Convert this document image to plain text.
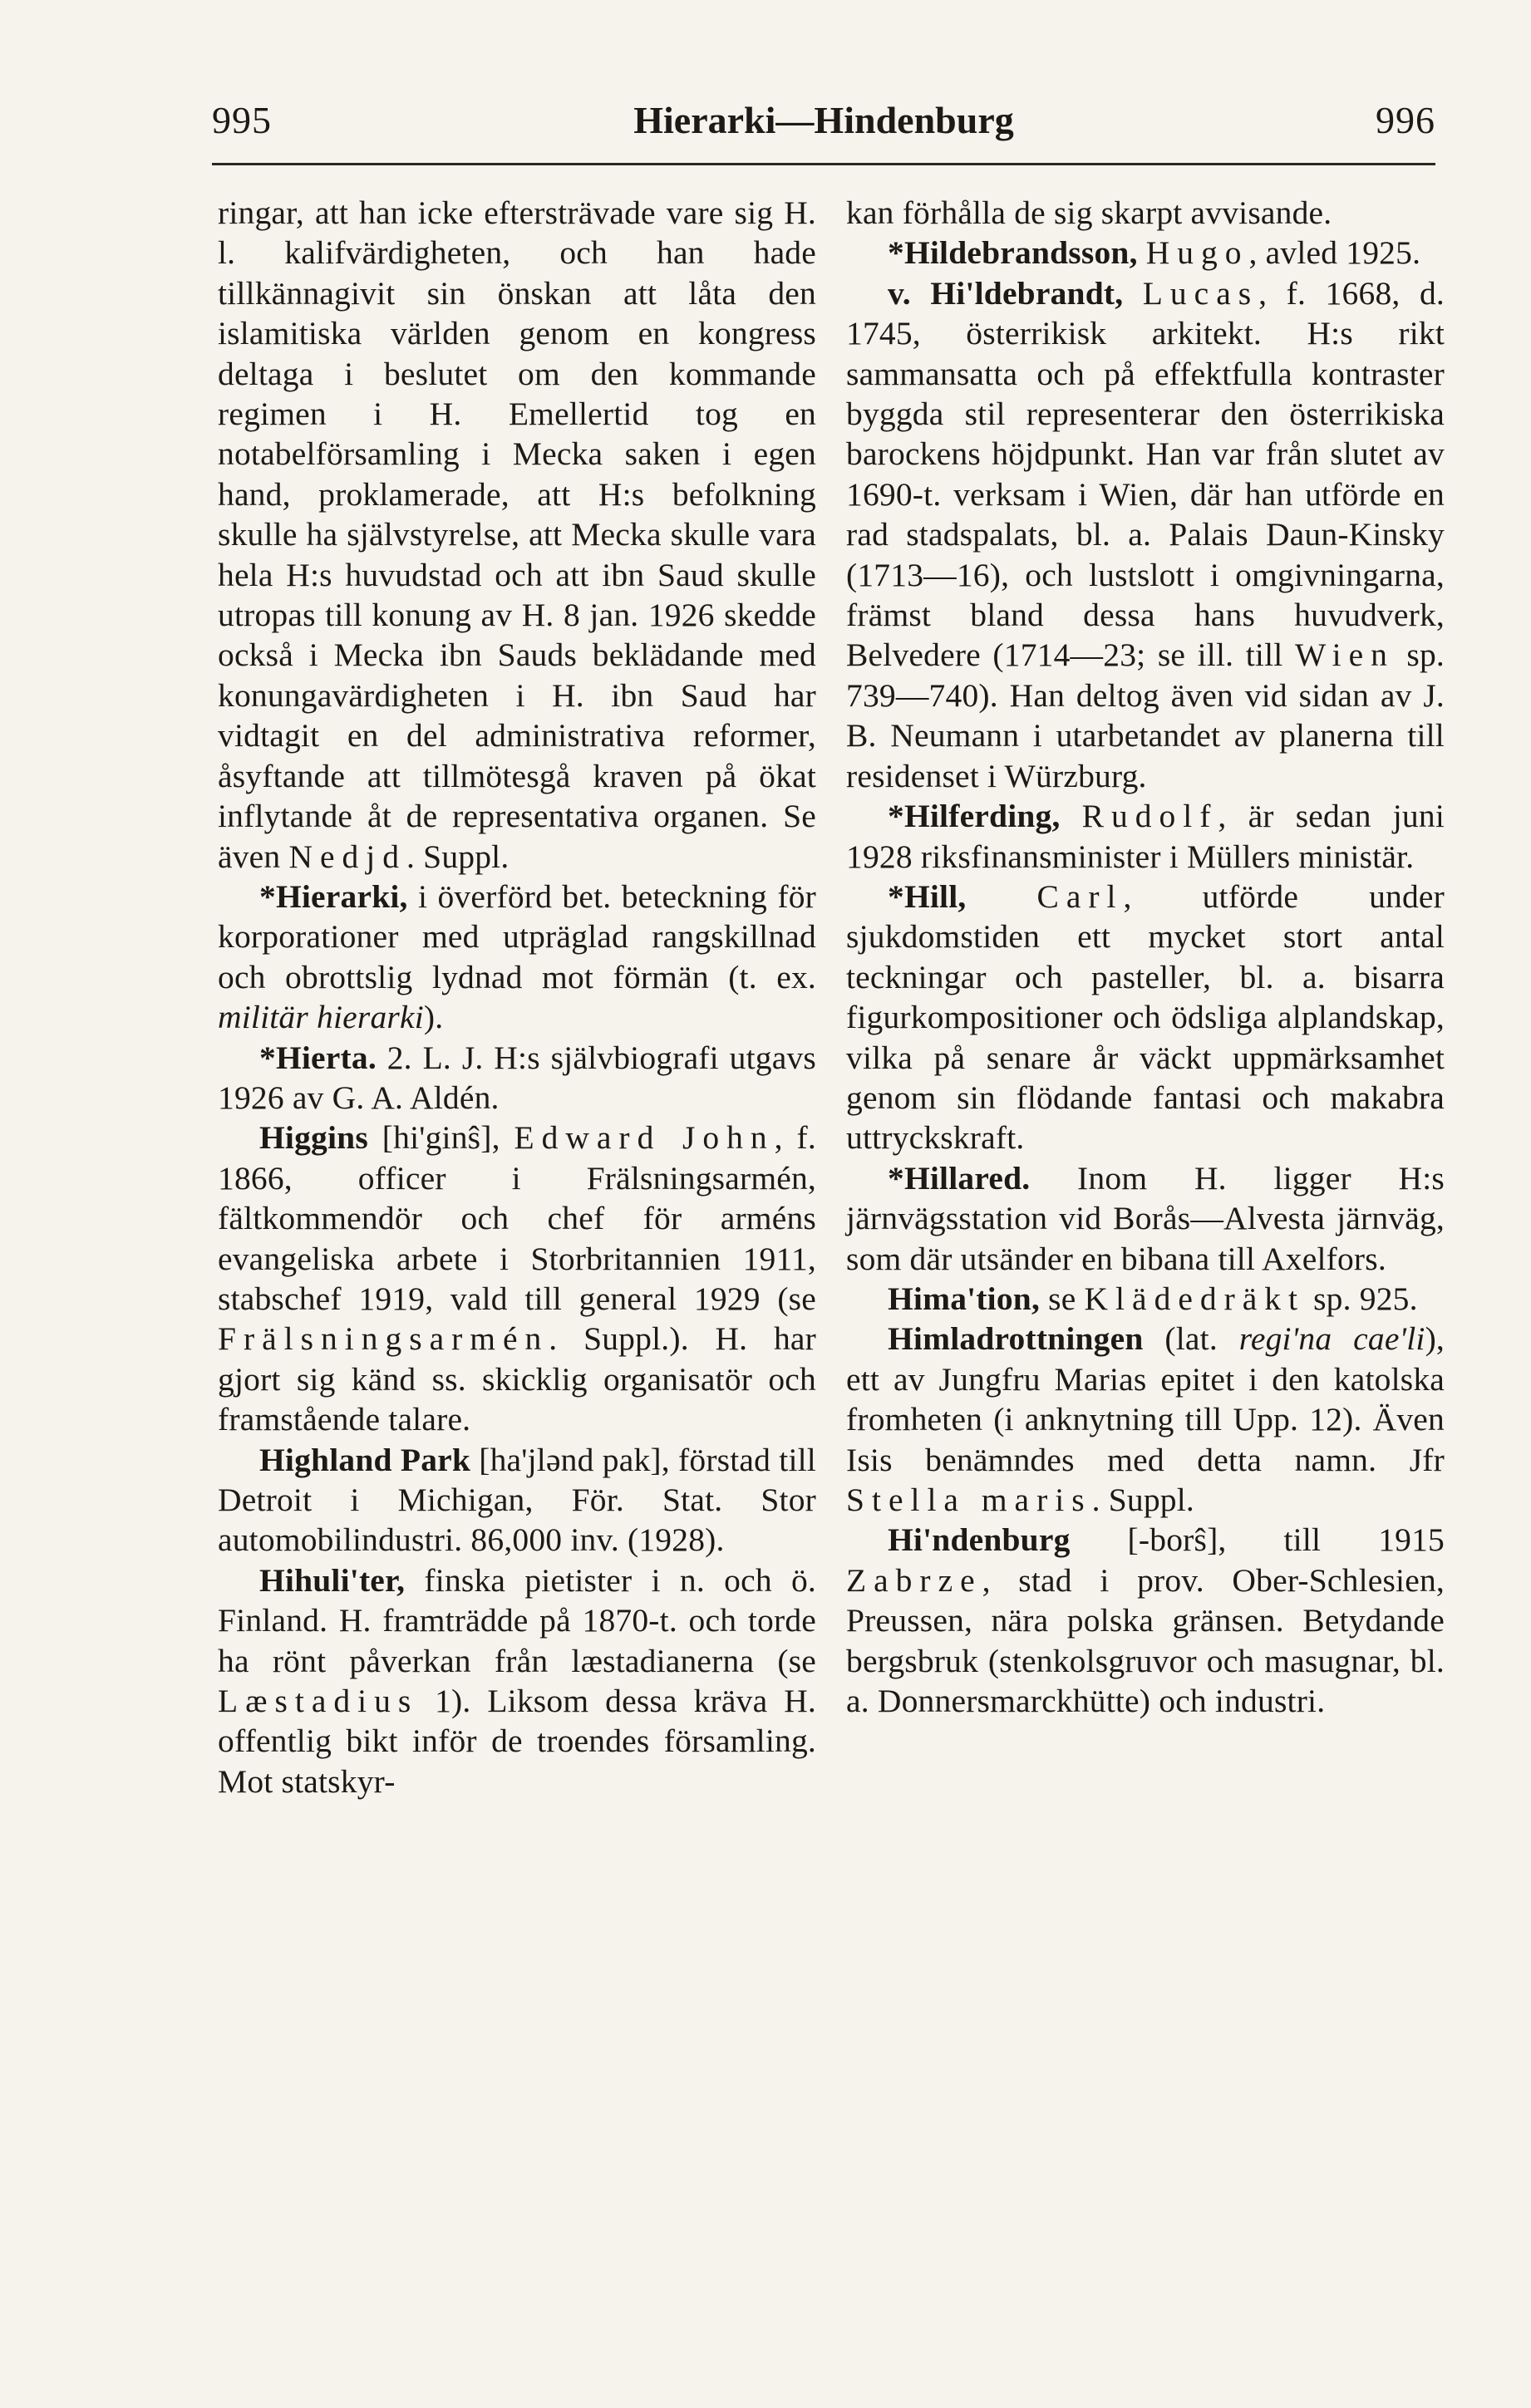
995	Hierarki—Hindenburg	996

ringar, att han icke eftersträvade vare sig H. l. kalifvärdigheten, och han hade tillkännagivit sin önskan att låta den islamitiska världen genom en kongress deltaga i beslutet om den kommande regimen i H. Emellertid tog en notabelförsamling i Mecka saken i egen hand, proklamerade, att H:s befolkning skulle ha självstyrelse, att Mecka skulle vara hela H:s huvudstad och att ibn Saud skulle utropas till konung av H. 8 jan. 1926 skedde också i Mecka ibn Sauds beklädande med konungavärdigheten i H. ibn Saud har vidtagit en del administrativa reformer, åsyftande att tillmötesgå kraven på ökat inflytande åt de representativa organen. Se även Nedjd. Suppl.

*Hierarki, i överförd bet. beteckning för korporationer med utpräglad rangskillnad och obrottslig lydnad mot förmän (t. ex. militär hierarki).

*Hierta. 2. L. J. H:s självbiografi utgavs 1926 av G. A. Aldén.

Higgins [hi'ginŝ], Edward John, f. 1866, officer i Frälsningsarmén, fältkommendör och chef för arméns evangeliska arbete i Storbritannien 1911, stabschef 1919, vald till general 1929 (se Frälsningsarmén. Suppl.). H. har gjort sig känd ss. skicklig organisatör och framstående talare.

Highland Park [ha'jlənd pak], förstad till Detroit i Michigan, För. Stat. Stor automobilindustri. 86,000 inv. (1928).

Hihuli'ter, finska pietister i n. och ö. Finland. H. framträdde på 1870-t. och torde ha rönt påverkan från læstadianerna (se Læstadius 1). Liksom dessa kräva H. offentlig bikt inför de troendes församling. Mot statskyr-

kan förhålla de sig skarpt avvisande.

*Hildebrandsson, Hugo, avled 1925.

v. Hi'ldebrandt, Lucas, f. 1668, d. 1745, österrikisk arkitekt. H:s rikt sammansatta och på effektfulla kontraster byggda stil representerar den österrikiska barockens höjdpunkt. Han var från slutet av 1690-t. verksam i Wien, där han utförde en rad stadspalats, bl. a. Palais Daun-Kinsky (1713—16), och lustslott i omgivningarna, främst bland dessa hans huvudverk, Belvedere (1714—23; se ill. till Wien sp. 739—740). Han deltog även vid sidan av J. B. Neumann i utarbetandet av planerna till residenset i Würzburg.

*Hilferding, Rudolf, är sedan juni 1928 riksfinansminister i Müllers ministär.

*Hill, Carl, utförde under sjukdomstiden ett mycket stort antal teckningar och pasteller, bl. a. bisarra figurkompositioner och ödsliga alplandskap, vilka på senare år väckt uppmärksamhet genom sin flödande fantasi och makabra uttryckskraft.

*Hillared. Inom H. ligger H:s järnvägsstation vid Borås—Alvesta järnväg, som där utsänder en bibana till Axelfors.

Hima'tion, se Klädedräkt sp. 925.

Himladrottningen (lat. regi'na cae'li), ett av Jungfru Marias epitet i den katolska fromheten (i anknytning till Upp. 12). Även Isis benämndes med detta namn. Jfr Stella maris. Suppl.

Hi'ndenburg [-borŝ], till 1915 Zabrze, stad i prov. Ober-Schlesien, Preussen, nära polska gränsen. Betydande bergsbruk (stenkolsgruvor och masugnar, bl. a. Donnersmarckhütte) och industri.
